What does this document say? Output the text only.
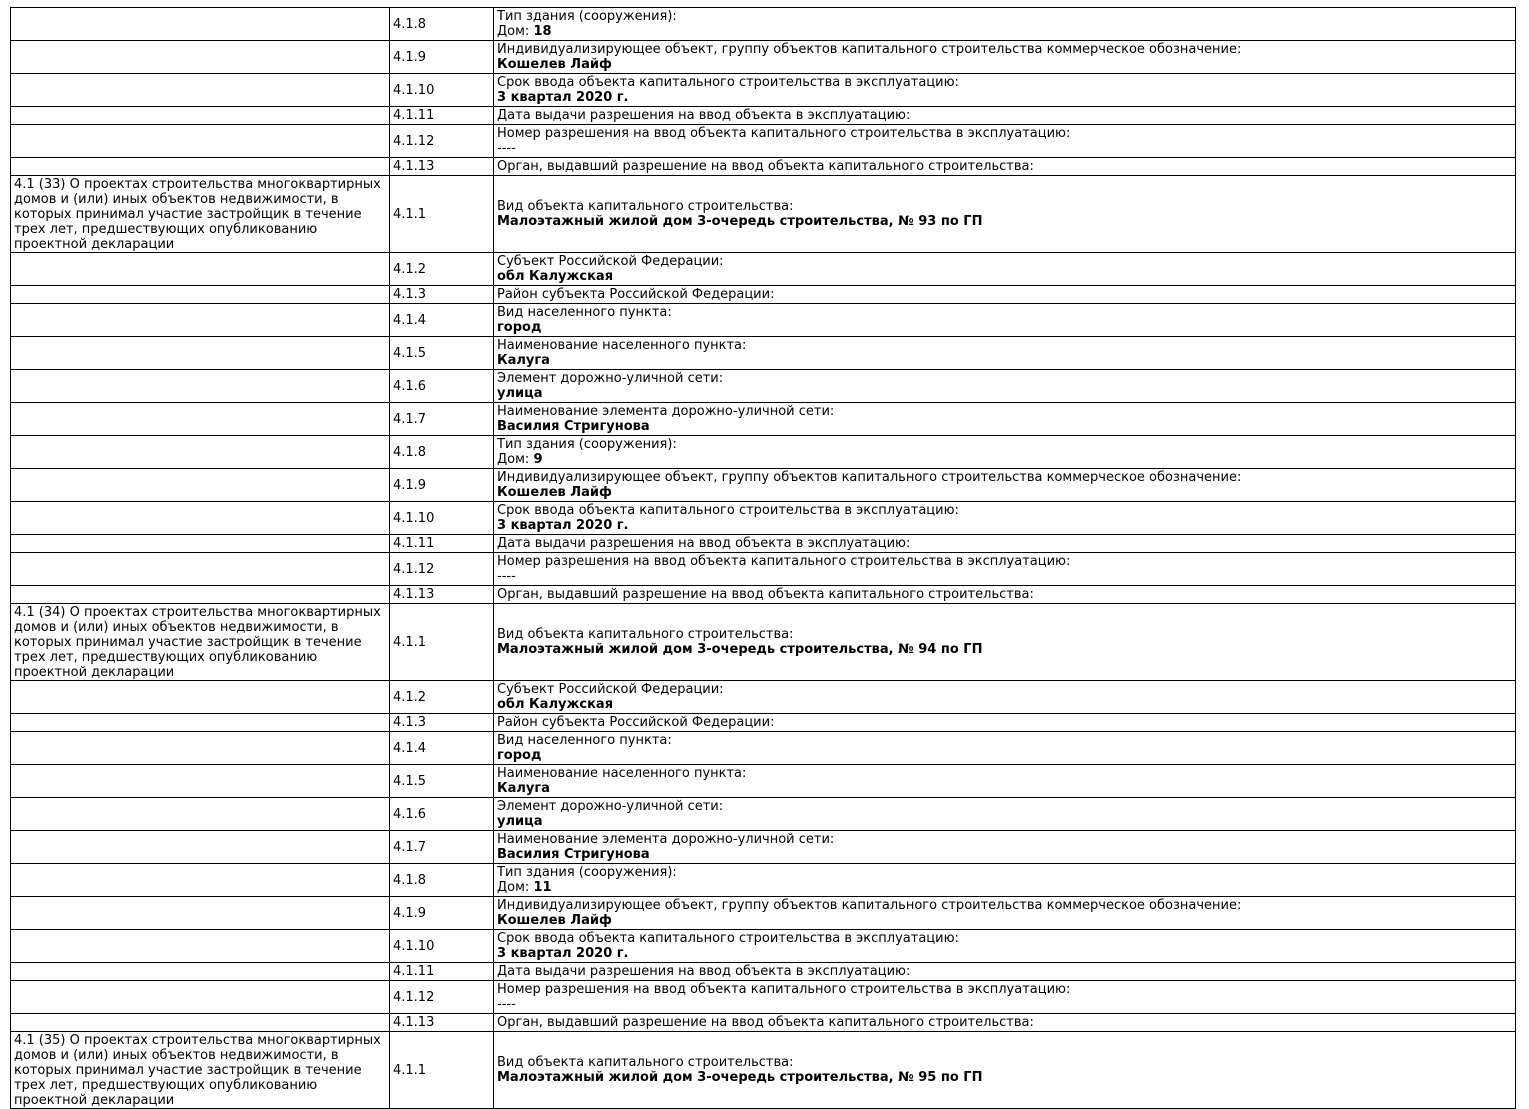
	4.1.8	Тип здания (сооружения):
Дом: 18

	4.1.9	Индивидуализирующее объект, группу объектов капитального строительства коммерческое обозначение:
Кошелев Лайф

	4.1.10	Срок ввода объекта капитального строительства в эксплуатацию:
3 квартал 2020 г.

	4.1.11	Дата выдачи разрешения на ввод объекта в эксплуатацию:

	4.1.12	Номер разрешения на ввод объекта капитального строительства в эксплуатацию:
----

	4.1.13	Орган, выдавший разрешение на ввод объекта капитального строительства:

4.1 (33) О проектах строительства многоквартирных домов и (или) иных объектов недвижимости, в которых принимал участие застройщик в течение трех лет, предшествующих опубликованию проектной декларации	4.1.1	Вид объекта капитального строительства:
Малоэтажный жилой дом 3-очередь строительства, № 93 по ГП

	4.1.2	Субъект Российской Федерации:
обл Калужская

	4.1.3	Район субъекта Российской Федерации:

	4.1.4	Вид населенного пункта:
город

	4.1.5	Наименование населенного пункта:
Калуга

	4.1.6	Элемент дорожно-уличной сети:
улица

	4.1.7	Наименование элемента дорожно-уличной сети:
Василия Стригунова

	4.1.8	Тип здания (сооружения):
Дом: 9

	4.1.9	Индивидуализирующее объект, группу объектов капитального строительства коммерческое обозначение:
Кошелев Лайф

	4.1.10	Срок ввода объекта капитального строительства в эксплуатацию:
3 квартал 2020 г.

	4.1.11	Дата выдачи разрешения на ввод объекта в эксплуатацию:

	4.1.12	Номер разрешения на ввод объекта капитального строительства в эксплуатацию:
----

	4.1.13	Орган, выдавший разрешение на ввод объекта капитального строительства:

4.1 (34) О проектах строительства многоквартирных домов и (или) иных объектов недвижимости, в которых принимал участие застройщик в течение трех лет, предшествующих опубликованию проектной декларации	4.1.1	Вид объекта капитального строительства:
Малоэтажный жилой дом 3-очередь строительства, № 94 по ГП

	4.1.2	Субъект Российской Федерации:
обл Калужская

	4.1.3	Район субъекта Российской Федерации:

	4.1.4	Вид населенного пункта:
город

	4.1.5	Наименование населенного пункта:
Калуга

	4.1.6	Элемент дорожно-уличной сети:
улица

	4.1.7	Наименование элемента дорожно-уличной сети:
Василия Стригунова

	4.1.8	Тип здания (сооружения):
Дом: 11

	4.1.9	Индивидуализирующее объект, группу объектов капитального строительства коммерческое обозначение:
Кошелев Лайф

	4.1.10	Срок ввода объекта капитального строительства в эксплуатацию:
3 квартал 2020 г.

	4.1.11	Дата выдачи разрешения на ввод объекта в эксплуатацию:

	4.1.12	Номер разрешения на ввод объекта капитального строительства в эксплуатацию:
----

	4.1.13	Орган, выдавший разрешение на ввод объекта капитального строительства:

4.1 (35) О проектах строительства многоквартирных домов и (или) иных объектов недвижимости, в которых принимал участие застройщик в течение трех лет, предшествующих опубликованию проектной декларации	4.1.1	Вид объекта капитального строительства:
Малоэтажный жилой дом 3-очередь строительства, № 95 по ГП
